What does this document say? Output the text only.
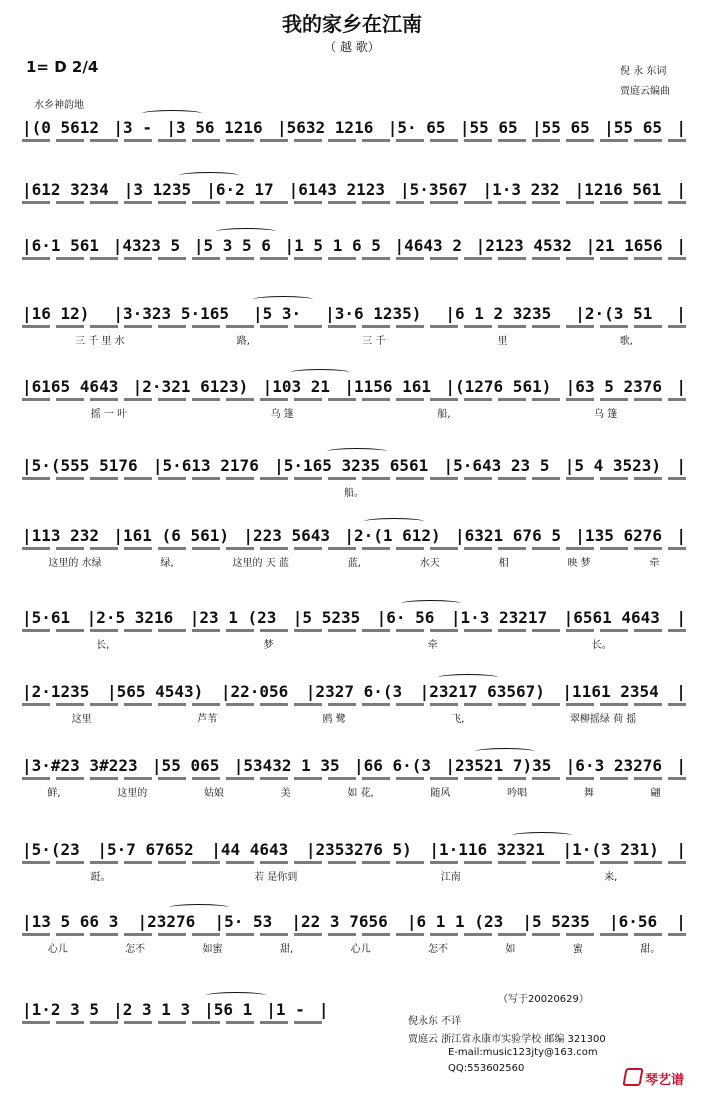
我的家乡在江南
（ 越 歌）
1= D 2/4	倪 永 东词
贾庭云编曲
水乡神韵地
|(0 5612 |3 - |3 56 1216 |5632 1216 |5· 65 |55 65 |55 65 |55 65 |
|612 3234 |3 1235 |6·2 17 |6143 2123 |5·3567 |1·3 232 |1216 561 |
|6·1 561 |4323 5 |5 3 5 6 |1 5 1 6 5 |4643 2 |2123 4532 |21 1656 |
|16 12) |3·323 5·165 |5 3· |3·6 1235) |6 1 2 3235 |2·(3 51 |
三 千 里 水	路,	三 千	里	歌,
|6165 4643 |2·321 6123) |103 21 |1156 161 |(1276 561) |63 5 2376 |
摇 一 叶	乌 篷	船,	乌 篷
|5·(555 5176 |5·613 2176 |5·165 3235 6561 |5·643 23 5 |5 4 3523) |
船。
|113 232 |161 (6 561) |223 5643 |2·(1 612) |6321 676 5 |135 6276 |
这里的 水绿	绿,	这里的 天 蓝	蓝,	水天	相	映 梦	牵
|5·61 |2·5 3216 |23 1 (23 |5 5235 |6· 56 |1·3 23217 |6561 4643 |
长,	梦	牵	长。
|2·1235 |565 4543) |22·056 |2327 6·(3 |23217 63567) |1161 2354 |
这里	芦苇	鸥 鹭	飞,	翠柳摇绿 荷 摇
|3·#23 3#223 |55 065 |53432 1 35 |66 6·(3 |23521 7)35 |6·3 23276 |
鲜,	这里的	姑娘	美	如 花,	随风	吟唱	舞	翩
|5·(23 |5·7 67652 |44 4643 |2353276 5) |1·116 32321 |1·(3 231) |
跹。	若 是你到	江南	来,
|13 5 66 3 |23276 |5· 53 |22 3 7656 |6 1 1 (23 |5 5235 |6·56 |
心儿	怎不	如蜜	甜,	心儿	怎不	如	蜜	甜。
|1·2 3 5 |2 3 1 3 |56 1 |1 - |	（写于20020629）
倪永东 不详
贾庭云 浙江省永康市实验学校 邮编 321300
E-mail:music123jty@163.com
QQ:553602560
琴艺谱
